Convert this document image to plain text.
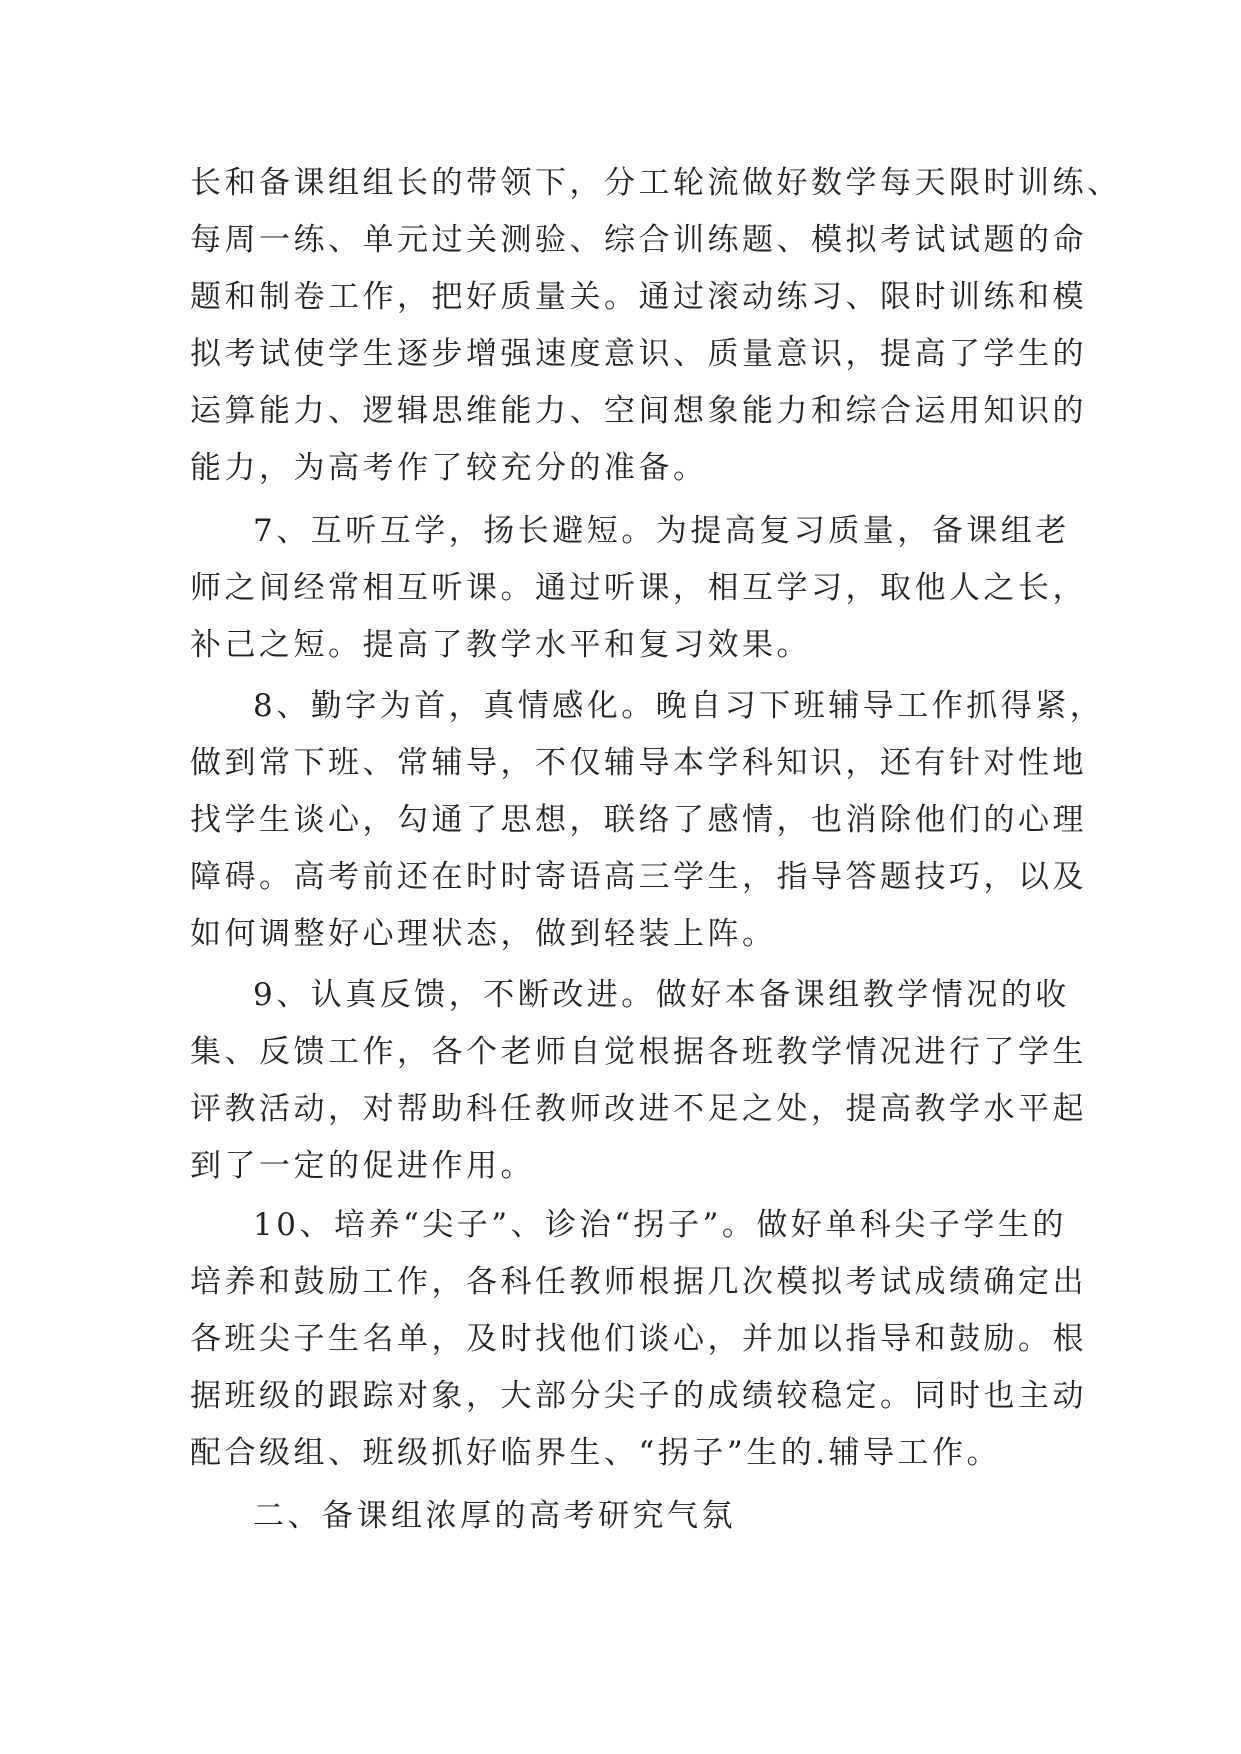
长和备课组组长的带领下，分工轮流做好数学每天限时训练、
每周一练、单元过关测验、综合训练题、模拟考试试题的命
题和制卷工作，把好质量关。通过滚动练习、限时训练和模
拟考试使学生逐步增强速度意识、质量意识，提高了学生的
运算能力、逻辑思维能力、空间想象能力和综合运用知识的
能力，为高考作了较充分的准备。
7、互听互学，扬长避短。为提高复习质量，备课组老
师之间经常相互听课。通过听课，相互学习，取他人之长，
补己之短。提高了教学水平和复习效果。
8、勤字为首，真情感化。晚自习下班辅导工作抓得紧，
做到常下班、常辅导，不仅辅导本学科知识，还有针对性地
找学生谈心，勾通了思想，联络了感情，也消除他们的心理
障碍。高考前还在时时寄语高三学生，指导答题技巧，以及
如何调整好心理状态，做到轻装上阵。
9、认真反馈，不断改进。做好本备课组教学情况的收
集、反馈工作，各个老师自觉根据各班教学情况进行了学生
评教活动，对帮助科任教师改进不足之处，提高教学水平起
到了一定的促进作用。
10、培养“尖子”、诊治“拐子”。做好单科尖子学生的
培养和鼓励工作，各科任教师根据几次模拟考试成绩确定出
各班尖子生名单，及时找他们谈心，并加以指导和鼓励。根
据班级的跟踪对象，大部分尖子的成绩较稳定。同时也主动
配合级组、班级抓好临界生、“拐子”生的.辅导工作。
二、备课组浓厚的高考研究气氛
